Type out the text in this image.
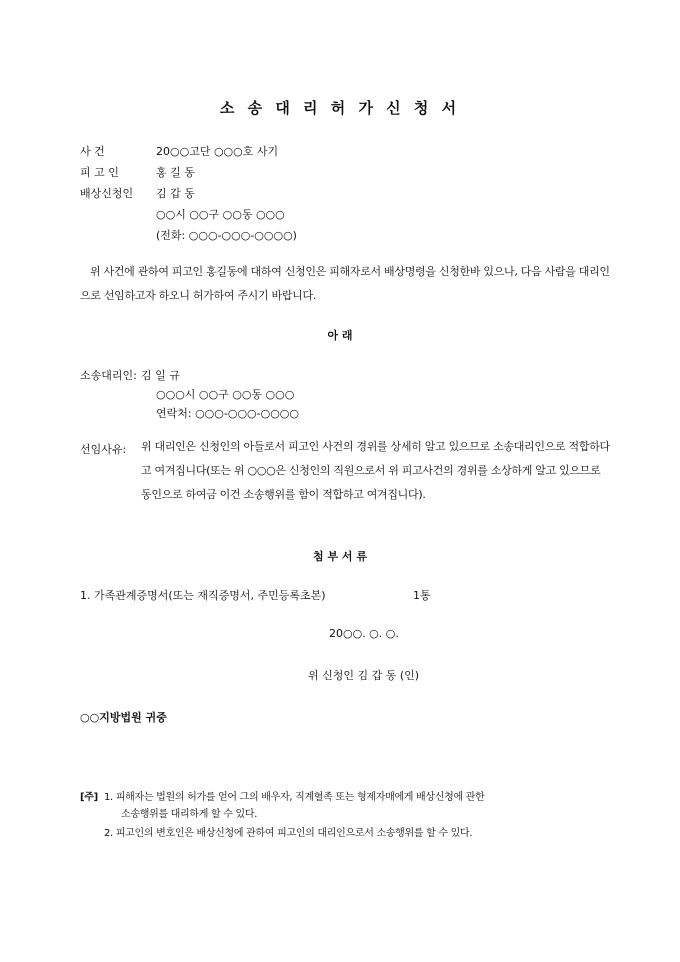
소 송 대 리 허 가 신 청 서
사 건	20○○고단 ○○○호 사기
피 고 인	홍 길 동
배상신청인 김 갑 동
○○시 ○○구 ○○동 ○○○
(전화: ○○○-○○○-○○○○)
위 사건에 관하여 피고인 홍길동에 대하여 신청인은 피해자로서 배상명령을 신청한바 있으나, 다음 사람을 대리인으로 선임하고자 하오니 허가하여 주시기 바랍니다.
아 래
소송대리인: 김 일 규
○○○시 ○○구 ○○동 ○○○
연락처: ○○○-○○○-○○○○
선임사유: 위 대리인은 신청인의 아들로서 피고인 사건의 경위를 상세히 알고 있으므로 소송대리인으로 적합하다고 여겨집니다(또는 위 ○○○은 신청인의 직원으로서 위 피고사건의 경위를 소상하게 알고 있으므로 동인으로 하여금 이건 소송행위를 함이 적합하고 여겨집니다).
첨 부 서 류
1. 가족관계증명서(또는 재직증명서, 주민등록초본)	1통
20○○. ○. ○.
위 신청인 김 갑 동 (인)
○○지방법원 귀중
[주] 1. 피해자는 법원의 허가를 얻어 그의 배우자, 직계혈족 또는 형제자매에게 배상신청에 관한
소송행위를 대리하게 할 수 있다.
2. 피고인의 변호인은 배상신청에 관하여 피고인의 대리인으로서 소송행위를 할 수 있다.
